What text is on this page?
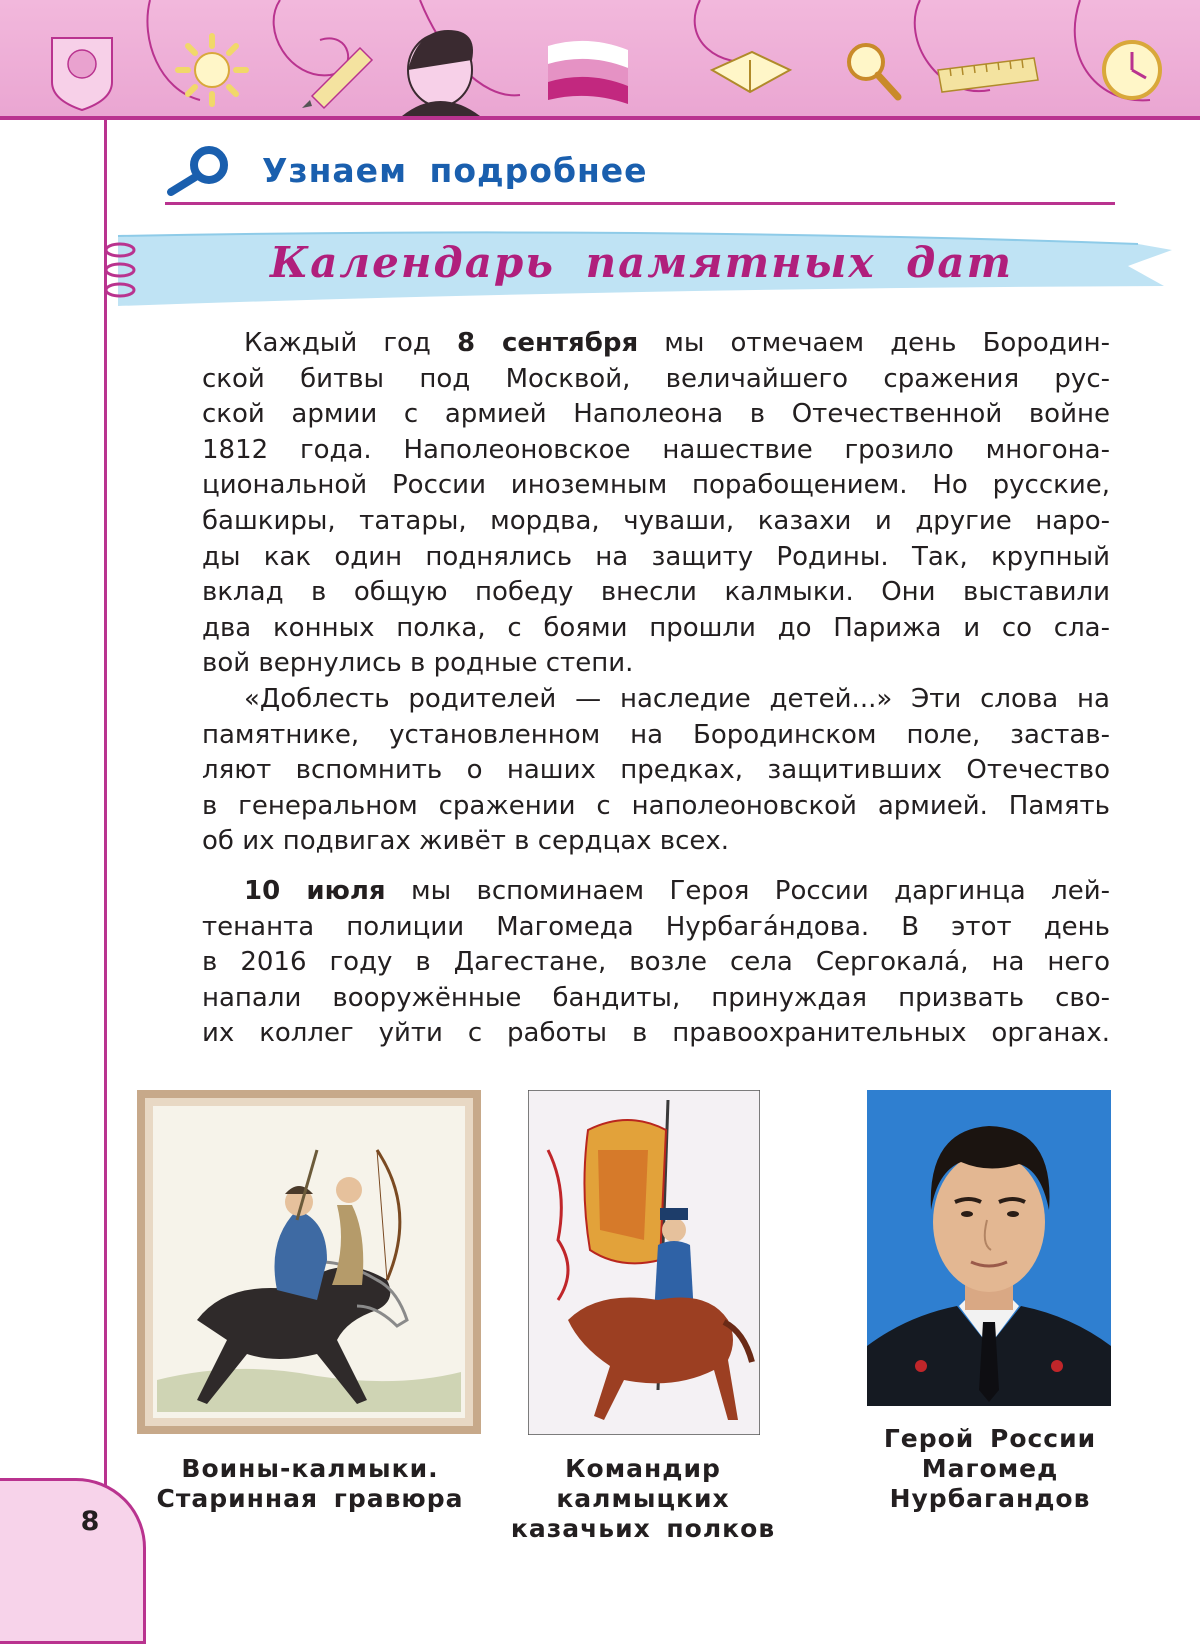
Узнаем подробнее
Календарь памятных дат
Каждый год 8 сентября мы отмечаем день Бородин-
ской битвы под Москвой, величайшего сражения рус-
ской армии с армией Наполеона в Отечественной войне
1812 года. Наполеоновское нашествие грозило многона-
циональной России иноземным порабощением. Но русские,
башкиры, татары, мордва, чуваши, казахи и другие наро-
ды как один поднялись на защиту Родины. Так, крупный
вклад в общую победу внесли калмыки. Они выставили
два конных полка, с боями прошли до Парижа и со сла-
вой вернулись в родные степи.
«Доблесть родителей — наследие детей...» Эти слова на
памятнике, установленном на Бородинском поле, застав-
ляют вспомнить о наших предках, защитивших Отечество
в генеральном сражении с наполеоновской армией. Память
об их подвигах живёт в сердцах всех.
10 июля мы вспоминаем Героя России даргинца лей-
тенанта полиции Магомеда Нурбага́ндова. В этот день
в 2016 году в Дагестане, возле села Сергокала́, на него
напали вооружённые бандиты, принуждая призвать сво-
их коллег уйти с работы в правоохранительных органах.
Воины-калмыки.
Старинная гравюра
Командир калмыцких
казачьих полков
Герой России
Магомед
Нурбагандов
8
